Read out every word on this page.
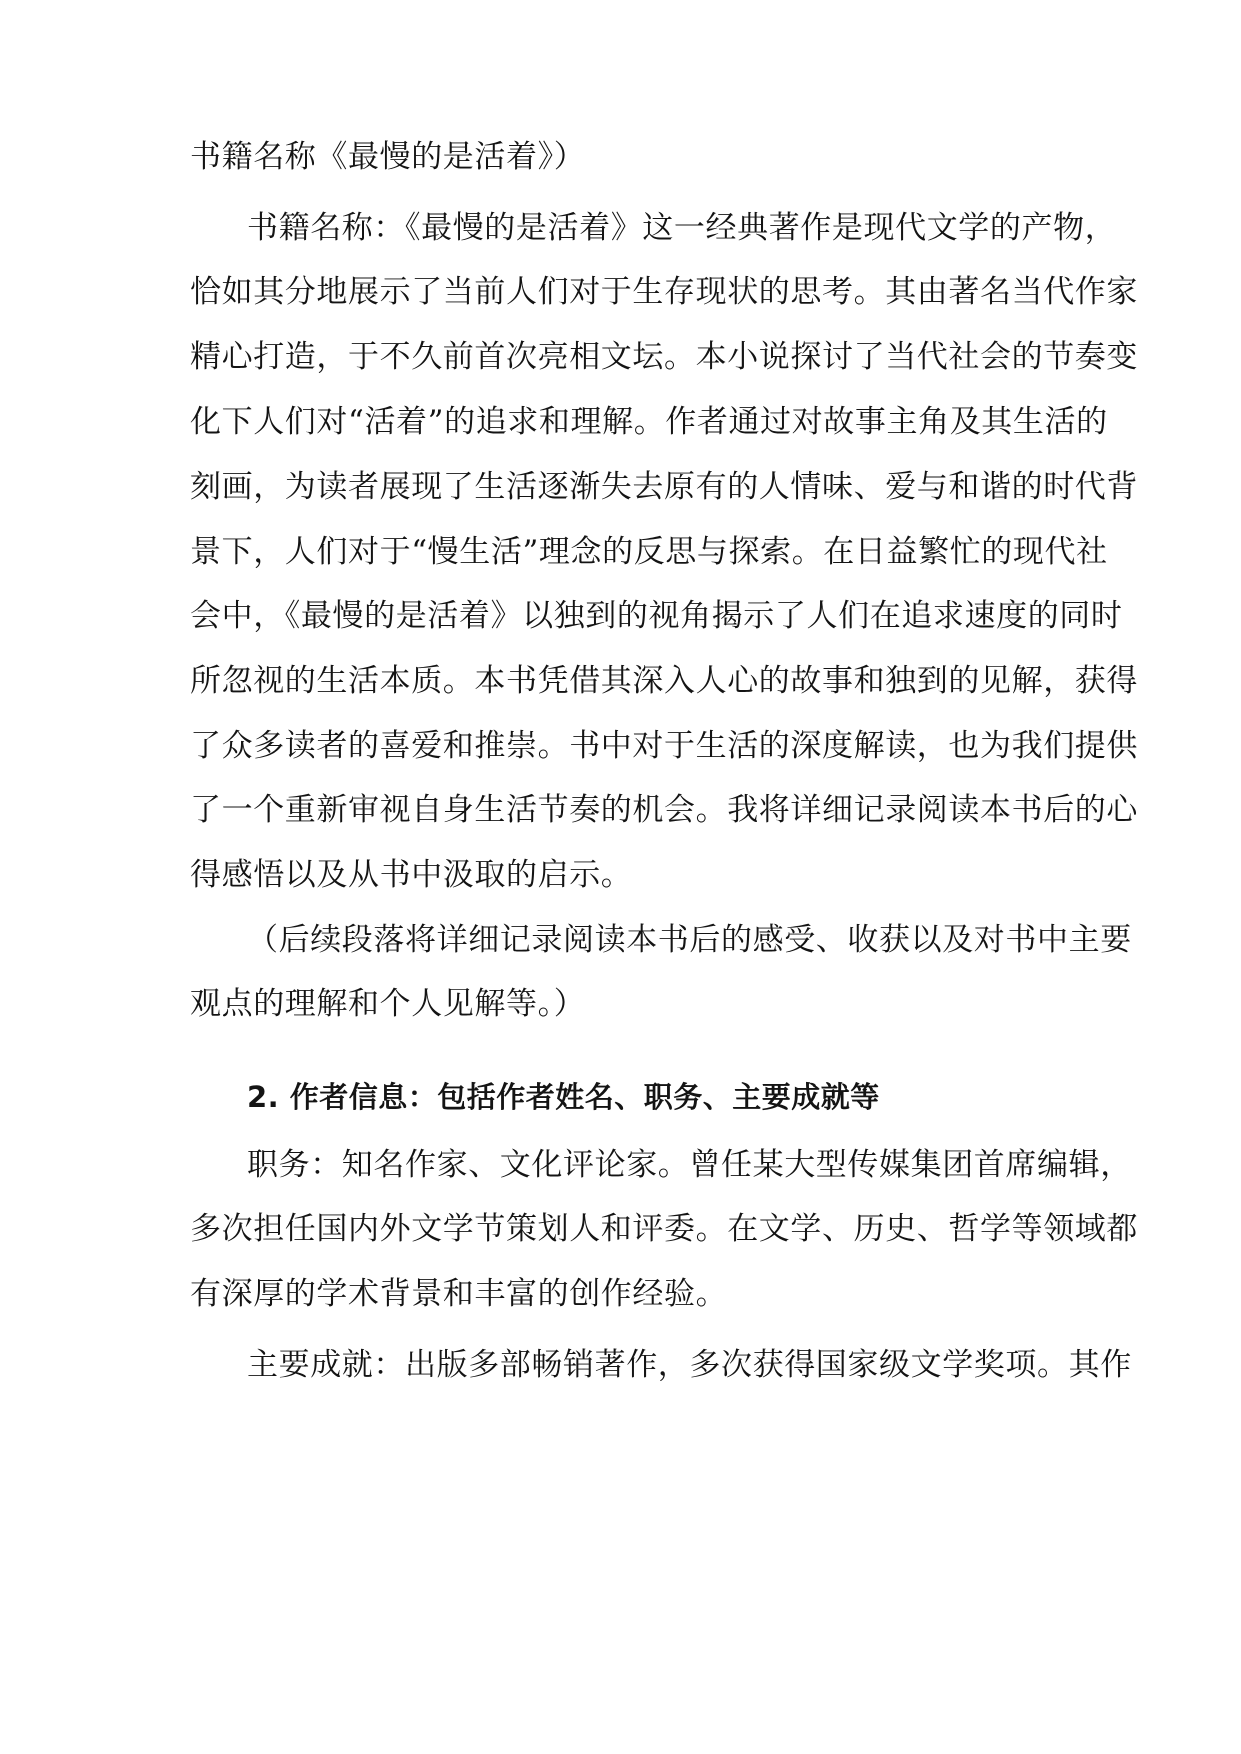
书籍名称《最慢的是活着》）
书籍名称：《最慢的是活着》这一经典著作是现代文学的产物，
恰如其分地展示了当前人们对于生存现状的思考。其由著名当代作家
精心打造，于不久前首次亮相文坛。本小说探讨了当代社会的节奏变
化下人们对“活着”的追求和理解。作者通过对故事主角及其生活的
刻画，为读者展现了生活逐渐失去原有的人情味、爱与和谐的时代背
景下，人们对于“慢生活”理念的反思与探索。在日益繁忙的现代社
会中，《最慢的是活着》以独到的视角揭示了人们在追求速度的同时
所忽视的生活本质。本书凭借其深入人心的故事和独到的见解，获得
了众多读者的喜爱和推崇。书中对于生活的深度解读，也为我们提供
了一个重新审视自身生活节奏的机会。我将详细记录阅读本书后的心
得感悟以及从书中汲取的启示。
（后续段落将详细记录阅读本书后的感受、收获以及对书中主要
观点的理解和个人见解等。）
2. 作者信息：包括作者姓名、职务、主要成就等
职务：知名作家、文化评论家。曾任某大型传媒集团首席编辑，
多次担任国内外文学节策划人和评委。在文学、历史、哲学等领域都
有深厚的学术背景和丰富的创作经验。
主要成就：出版多部畅销著作，多次获得国家级文学奖项。其作
